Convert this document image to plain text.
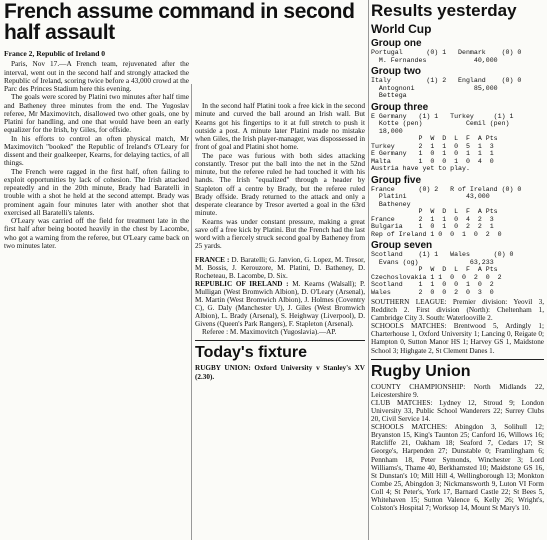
French assume command in second half assault
France 2, Republic of Ireland 0

Paris, Nov 17.—A French team, rejuvenated after the interval, went out in the second half and strongly attacked the Republic of Ireland, scoring twice before a 43,000 crowd at the Parc des Princes Stadium here this evening.

The goals were scored by Platini two minutes after half time and Batheney three minutes from the end. The Yugoslav referee, Mr Maximovitch, disallowed two other goals, one by Platini for handling, and one that would have been an early equalizer for the Irish, by Giles, for offside.

In his efforts to control an often physical match, Mr Maximovitch "booked" the Republic of Ireland's O'Leary for dissent and their goalkeeper, Kearns, for delaying tactics, of all things.

The French were ragged in the first half, often failing to exploit opportunities by lack of cohesion. The Irish attacked repeatedly and in the 20th minute, Brady had Baratelli in trouble with a shot he held at the second attempt. Brady was prominent again four minutes later with another shot that exercised all Baratelli's talents.

O'Leary was carried off the field for treatment late in the first half after being booted heavily in the chest by Lacombe, who got a warning from the referee, but O'Leary came back on two minutes later.

In the second half Platini took a free kick in the second minute and curved the ball around an Irish wall. But Kearns got his fingertips to it at full stretch to push it outside a post. A minute later Platini made no mistake when Giles, the Irish player-manager, was dispossessed in front of goal and Platini shot home.

The pace was furious with both sides attacking constantly. Tresor put the ball into the net in the 52nd minute, but the referee ruled he had touched it with his hands. The Irish "equalized" through a header by Stapleton off a centre by Brady, but the referee ruled Brady offside. Brady returned to the attack and only a desperate clearance by Tresor averted a goal in the 63rd minute.

Kearns was under constant pressure, making a great save off a free kick by Platini. But the French had the last word with a fiercely struck second goal by Batheney from 25 yards.

FRANCE : D. Baratelli; G. Janvion, G. Lopez, M. Tresor, M. Bossis, J. Kerouzore, M. Platini, D. Batheney, D. Rocheteau, B. Lacombe, D. Six.

REPUBLIC OF IRELAND : M. Kearns (Walsall); P. Mulligan (West Bromwich Albion), D. O'Leary (Arsenal), M. Martin (West Bromwich Albion), J. Holmes (Coventry C), G. Daly (Manchester U), J. Giles (West Bromwich Albion), L. Brady (Arsenal), S. Heighway (Liverpool), D. Givens (Queen's Park Rangers), F. Stapleton (Arsenal).

Referee : M. Maximovitch (Yugoslavia).—AP.

Today's fixture

RUGBY UNION: Oxford University v Stanley's XV (2.30).

Results yesterday
World Cup
Group one
Portugal      (0) 1   Denmark    (0) 0
M. Fernandes            40,000
Group two
Italy         (1) 2   England    (0) 0
Antognoni               85,000
Bettega
Group three
E Germany   (1) 1   Turkey     (1) 1
Kotte (pen)           Cemil (pen)
18,000
P  W  D  L  F  A Pts
Turkey      2  1  1  0  5  1  3
E Germany   1  0  1  0  1  1  1
Malta       1  0  0  1  0  4  0
Austria have yet to play.
Group five
France      (0) 2   R of Ireland (0) 0
Platini               43,000
Batheney
P  W  D  L  F  A Pts
France      2  1  1  0  4  2  3
Bulgaria    1  0  1  0  2  2  1
Rep of Ireland 1 0  0  1  0  2  0
Group seven
Scotland    (1) 1   Wales      (0) 0
Evans (og)             63,233
P  W  D  L  F  A Pts
Czechoslovakia 1 1  0  0  2  0  2
Scotland    1  1  0  0  1  0  2
Wales       2  0  0  2  0  3  0

SOUTHERN LEAGUE: Premier division: Yeovil 3, Redditch 2. First division (North): Cheltenham 1, Cambridge City 3. South: Waterlooville 2.

SCHOOLS MATCHES: Brentwood 5, Ardingly 1; Charterhouse 1, Oxford University 1; Lancing 0, Reigate 0; Hampton 0, Sutton Manor HS 1; Harvey GS 1, Maidstone School 3; Highgate 2, St Clement Danes 1.

Rugby Union

COUNTY CHAMPIONSHIP: North Midlands 22, Leicestershire 9.

CLUB MATCHES: Lydney 12, Stroud 9; London University 33, Public School Wanderers 22; Surrey Clubs 20, Civil Service 14.

SCHOOLS MATCHES: Abingdon 3, Solihull 12; Bryanston 15, King's Taunton 25; Canford 16, Willows 16; Ratcliffe 21, Oakham 18; Seaford 7, Cedars 17; St George's, Harpenden 27; Dunstable 0; Framlingham 6; Pennham 18, Peter Symonds, Winchester 3; Lord Williams's, Thame 40, Berkhamsted 10; Maidstone GS 16, St Dunstan's 10; Mill Hill 4, Wellingborough 13; Monkton Combe 25, Abingdon 3; Nickmansworth 9, Luton VI Form Coll 4; St Peter's, York 17, Barnard Castle 22; St Bees 5, Whitehaven 15; Sutton Valence 6, Kelly 26; Wright's, Colston's Hospital 7; Worksop 14, Mount St Mary's 10.
